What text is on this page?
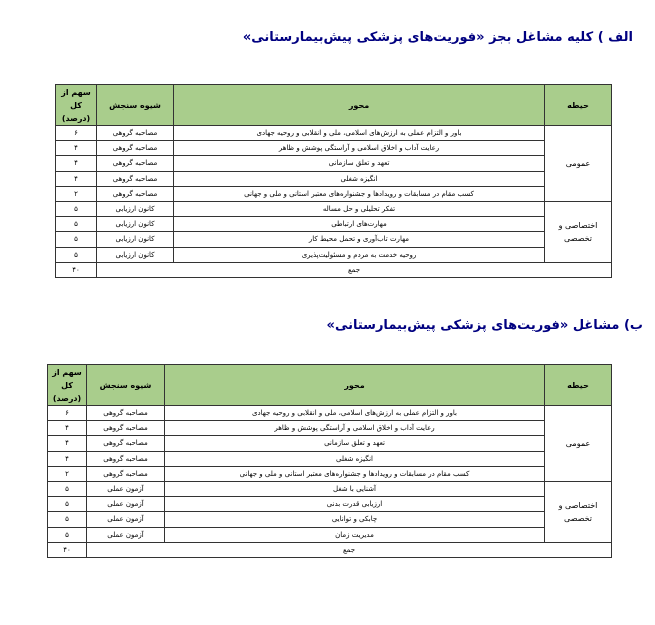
الف ) کلیه مشاغل بجز «فوریت‌های پزشکی پیش‌بیمارستانی»
حیطه	محور	شیوه سنجش	سهم از کل (درصد)
عمومی	باور و التزام عملی به ارزش‌های اسلامی، ملی و انقلابی و روحیه جهادی	مصاحبه گروهی	۶
	رعایت آداب و اخلاق اسلامی و آراستگی پوشش و ظاهر	مصاحبه گروهی	۴
	تعهد و تعلق سازمانی	مصاحبه گروهی	۴
	انگیزه شغلی	مصاحبه گروهی	۴
	کسب مقام در مسابقات و رویدادها و جشنواره‌های معتبر استانی و ملی و جهانی	مصاحبه گروهی	۲
اختصاصی و تخصصی	تفکر تحلیلی و حل مساله	کانون ارزیابی	۵
	مهارت‌های ارتباطی	کانون ارزیابی	۵
	مهارت تاب‌آوری و تحمل محیط کار	کانون ارزیابی	۵
	روحیه خدمت به مردم و مسئولیت‌پذیری	کانون ارزیابی	۵
جمع			۴۰
ب) مشاغل «فوریت‌های پزشکی پیش‌بیمارستانی»
حیطه	محور	شیوه سنجش	سهم از کل (درصد)
عمومی	باور و التزام عملی به ارزش‌های اسلامی، ملی و انقلابی و روحیه جهادی	مصاحبه گروهی	۶
	رعایت آداب و اخلاق اسلامی و آراستگی پوشش و ظاهر	مصاحبه گروهی	۴
	تعهد و تعلق سازمانی	مصاحبه گروهی	۴
	انگیزه شغلی	مصاحبه گروهی	۴
	کسب مقام در مسابقات و رویدادها و جشنواره‌های معتبر استانی و ملی و جهانی	مصاحبه گروهی	۲
اختصاصی و تخصصی	آشنایی با شغل	آزمون عملی	۵
	ارزیابی قدرت بدنی	آزمون عملی	۵
	چابکی و توانایی	آزمون عملی	۵
	مدیریت زمان	آزمون عملی	۵
جمع			۴۰
